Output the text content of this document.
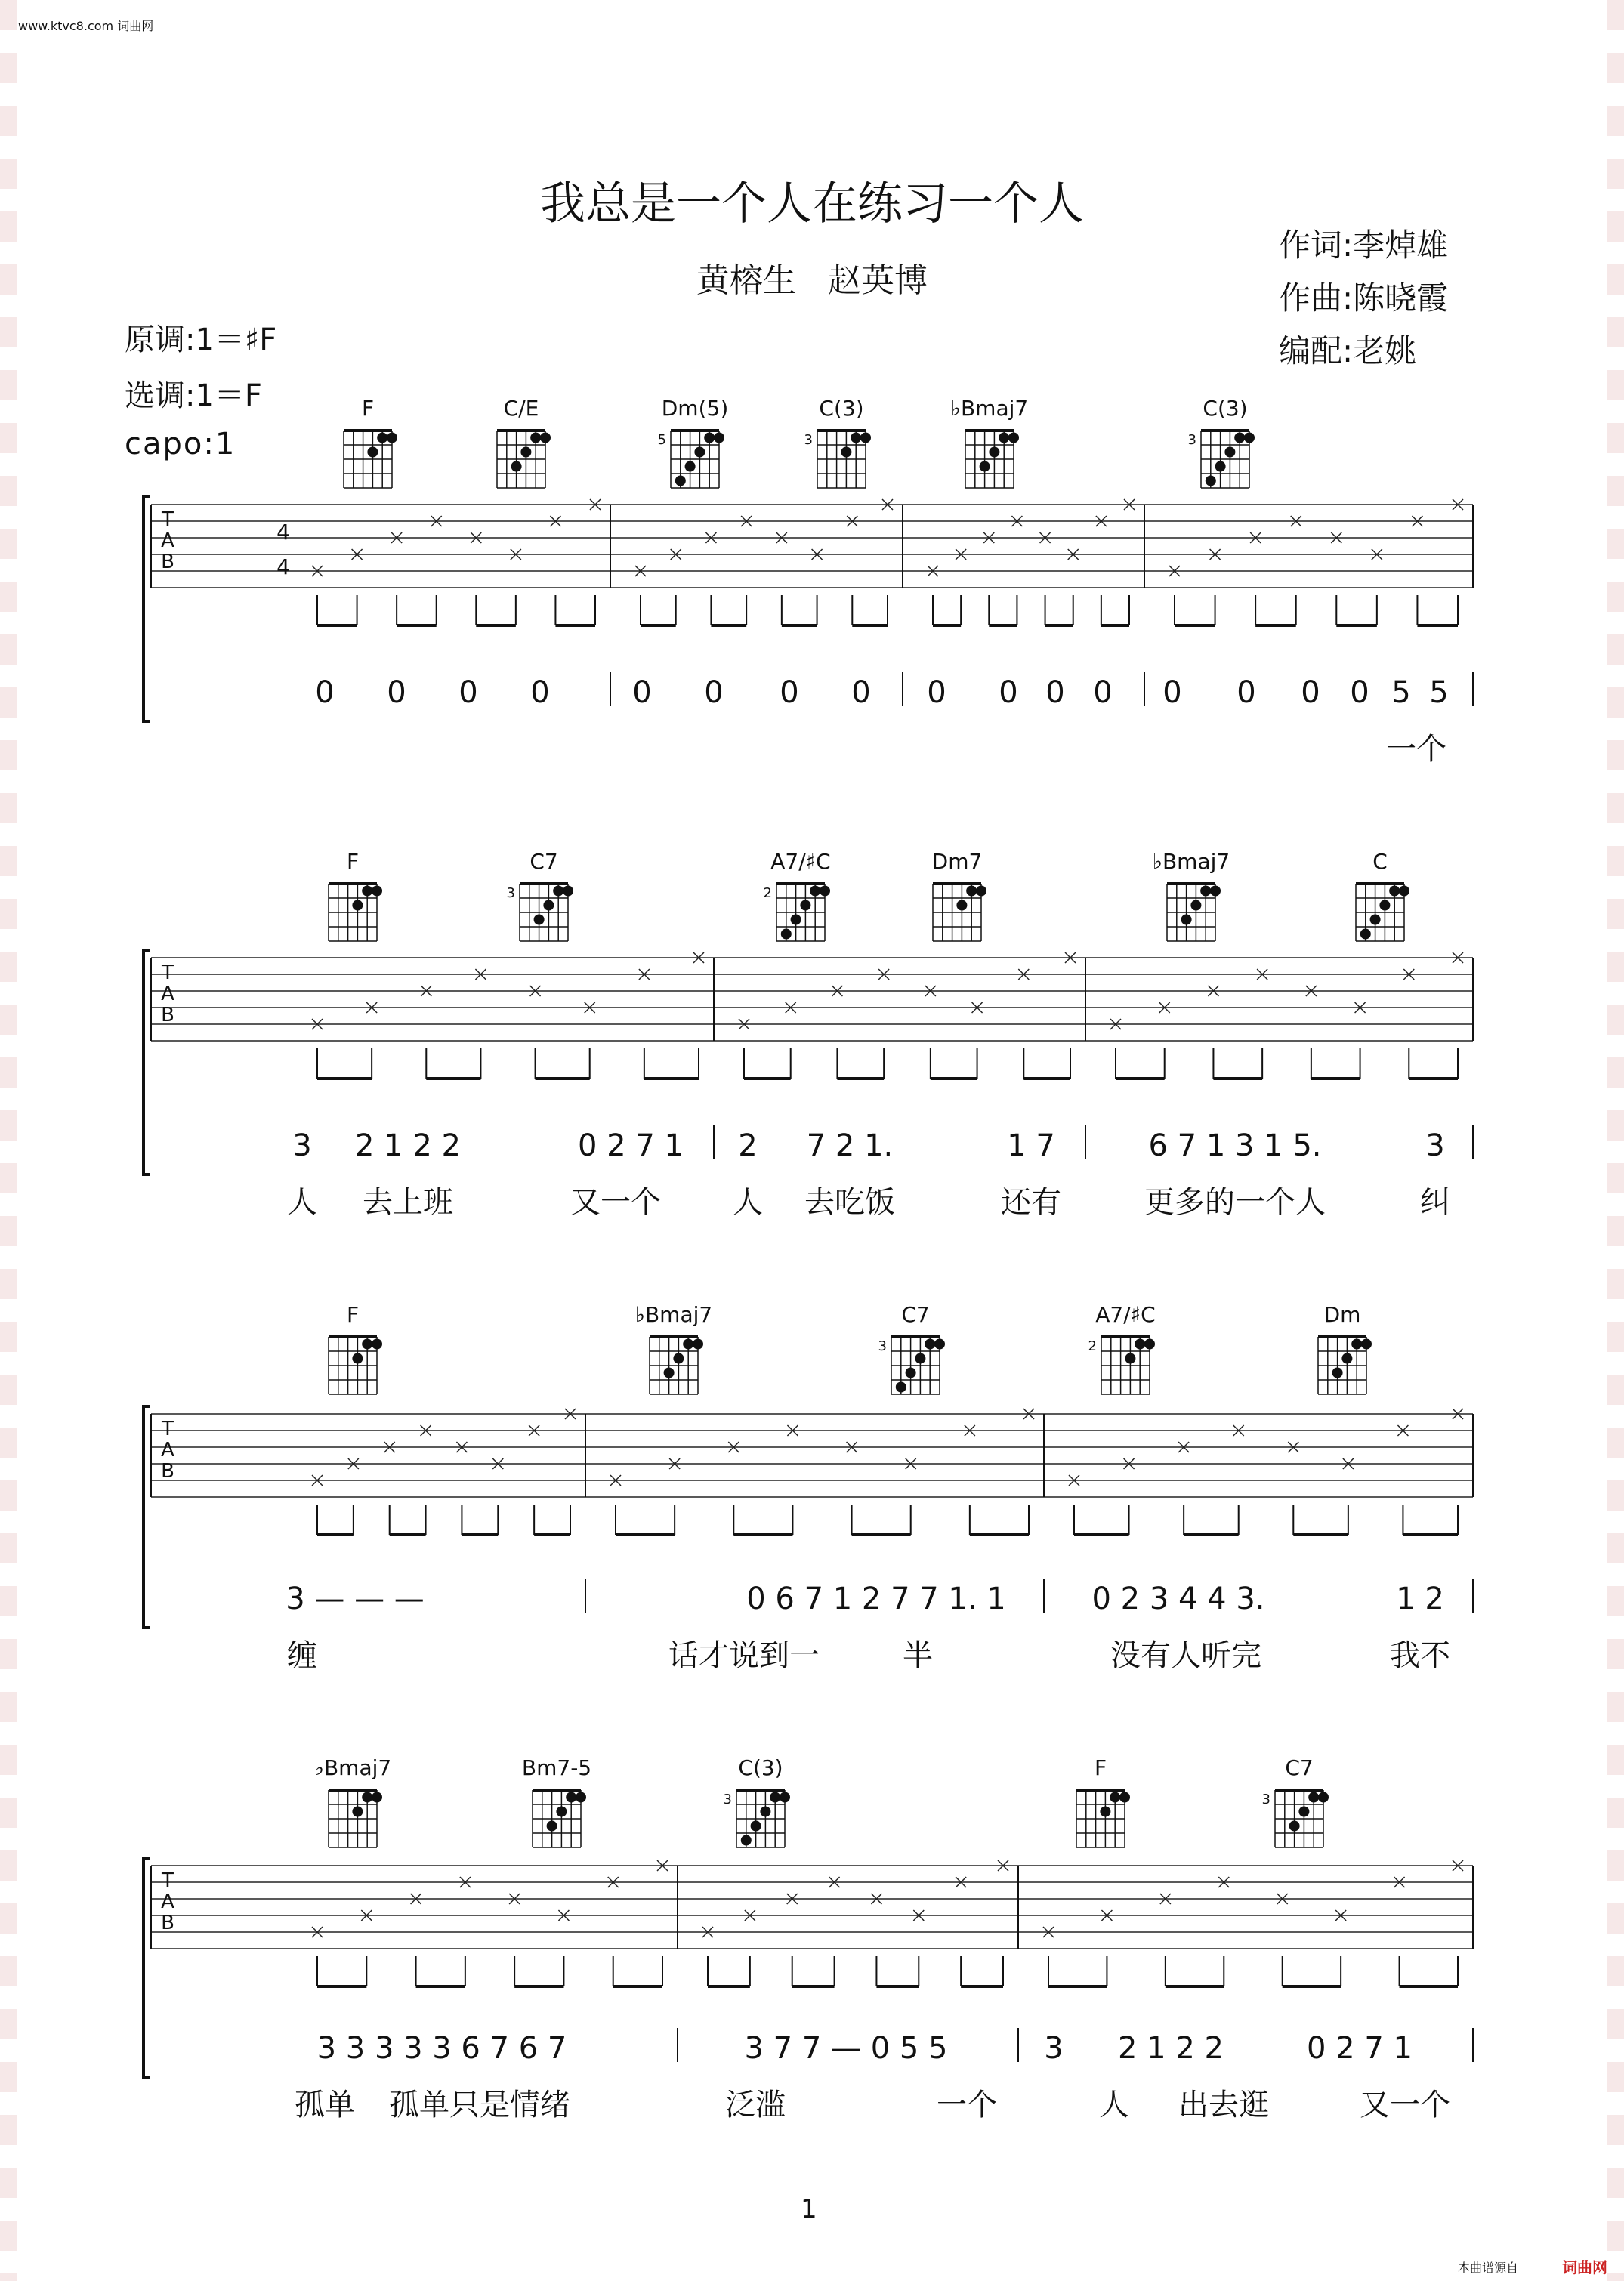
www.ktvc8.com 词曲网
我总是一个人在练习一个人
黄榕生   赵英博
作词:李焯雄
作曲:陈晓霞
编配:老姚
原调:1＝♯F
选调:1＝F
capo:1
T
A
B
4
4
F	C/E	Dm(5)
5
C(3)
3
♭Bmaj7	C(3)
3
0 0 0 0	0 0 0 0 0 0 0 0 0 0 0 0 5 5
一个
T
A
B
F	C7
3
A7/♯C
2
Dm7	♭Bmaj7	C
3 2 1 2 2	0 2 7 1 2 7 2 1.	1 7	6 7 1 3 1 5.	3
人 去上班	又一个 人 去吃饭	还有	更多的一个人	纠
T
A
B
F	♭Bmaj7	C7
3
A7/♯C
2
Dm
3 — — —	0 6 7 1 2 7 7 1. 1	0 2 3 4 4 3.	1 2
缠	话才说到一	半	没有人听完	我不
T
A
B
♭Bmaj7	Bm7-5	C(3)
3
F	C7
3
3 3 3 3 3 6 7 6 7	3 7 7 — 0 5 5	3 2 1 2 2	0 2 7 1
孤单 孤单只是情绪	泛滥	一个	人 出去逛	又一个
1
本曲谱源自	词曲网
